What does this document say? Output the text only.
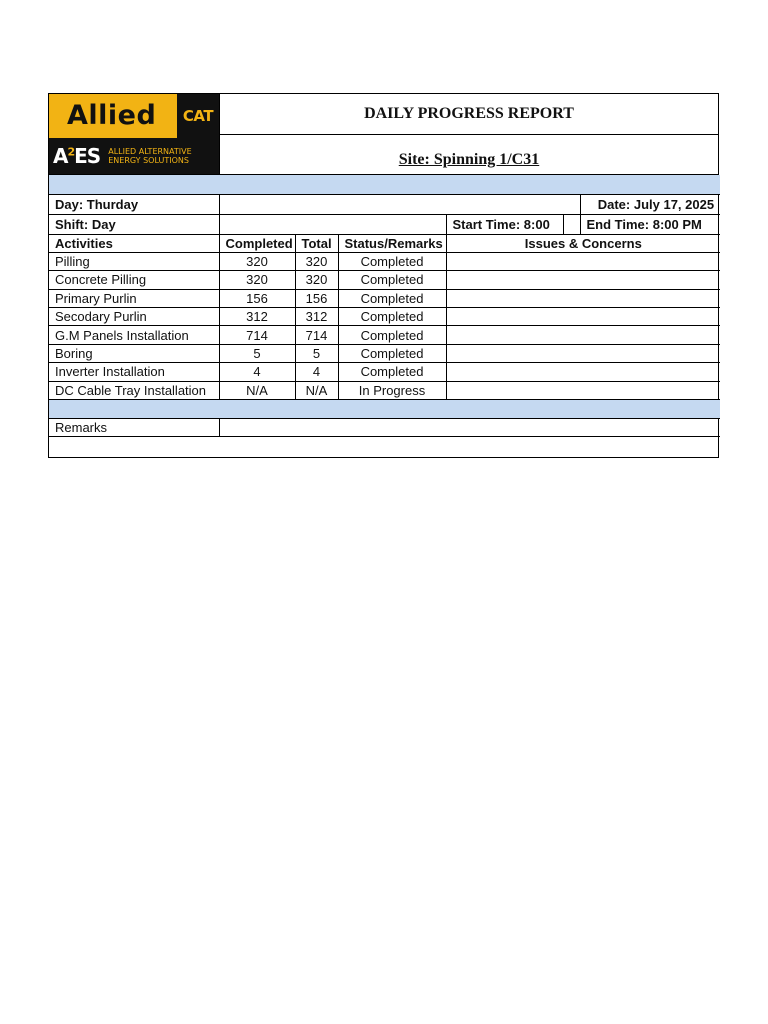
Allied CAT
$A^2ES$ ALLIED ALTERNATIVE
ENERGY SOLUTIONS
DAILY PROGRESS REPORT
Site: Spinning 1/C31

Day: Thurday						Date: July 17, 2025
Shift: Day				Start Time: 8:00		End Time: 8:00 PM
Activities	Completed	Total	Status/Remarks	Issues & Concerns		
Pilling	320	320	Completed			
Concrete Pilling	320	320	Completed			
Primary Purlin	156	156	Completed			
Secodary Purlin	312	312	Completed			
G.M Panels Installation	714	714	Completed			
Boring	5	5	Completed			
Inverter Installation	4	4	Completed			
DC Cable Tray Installation	N/A	N/A	In Progress			

Remarks						
